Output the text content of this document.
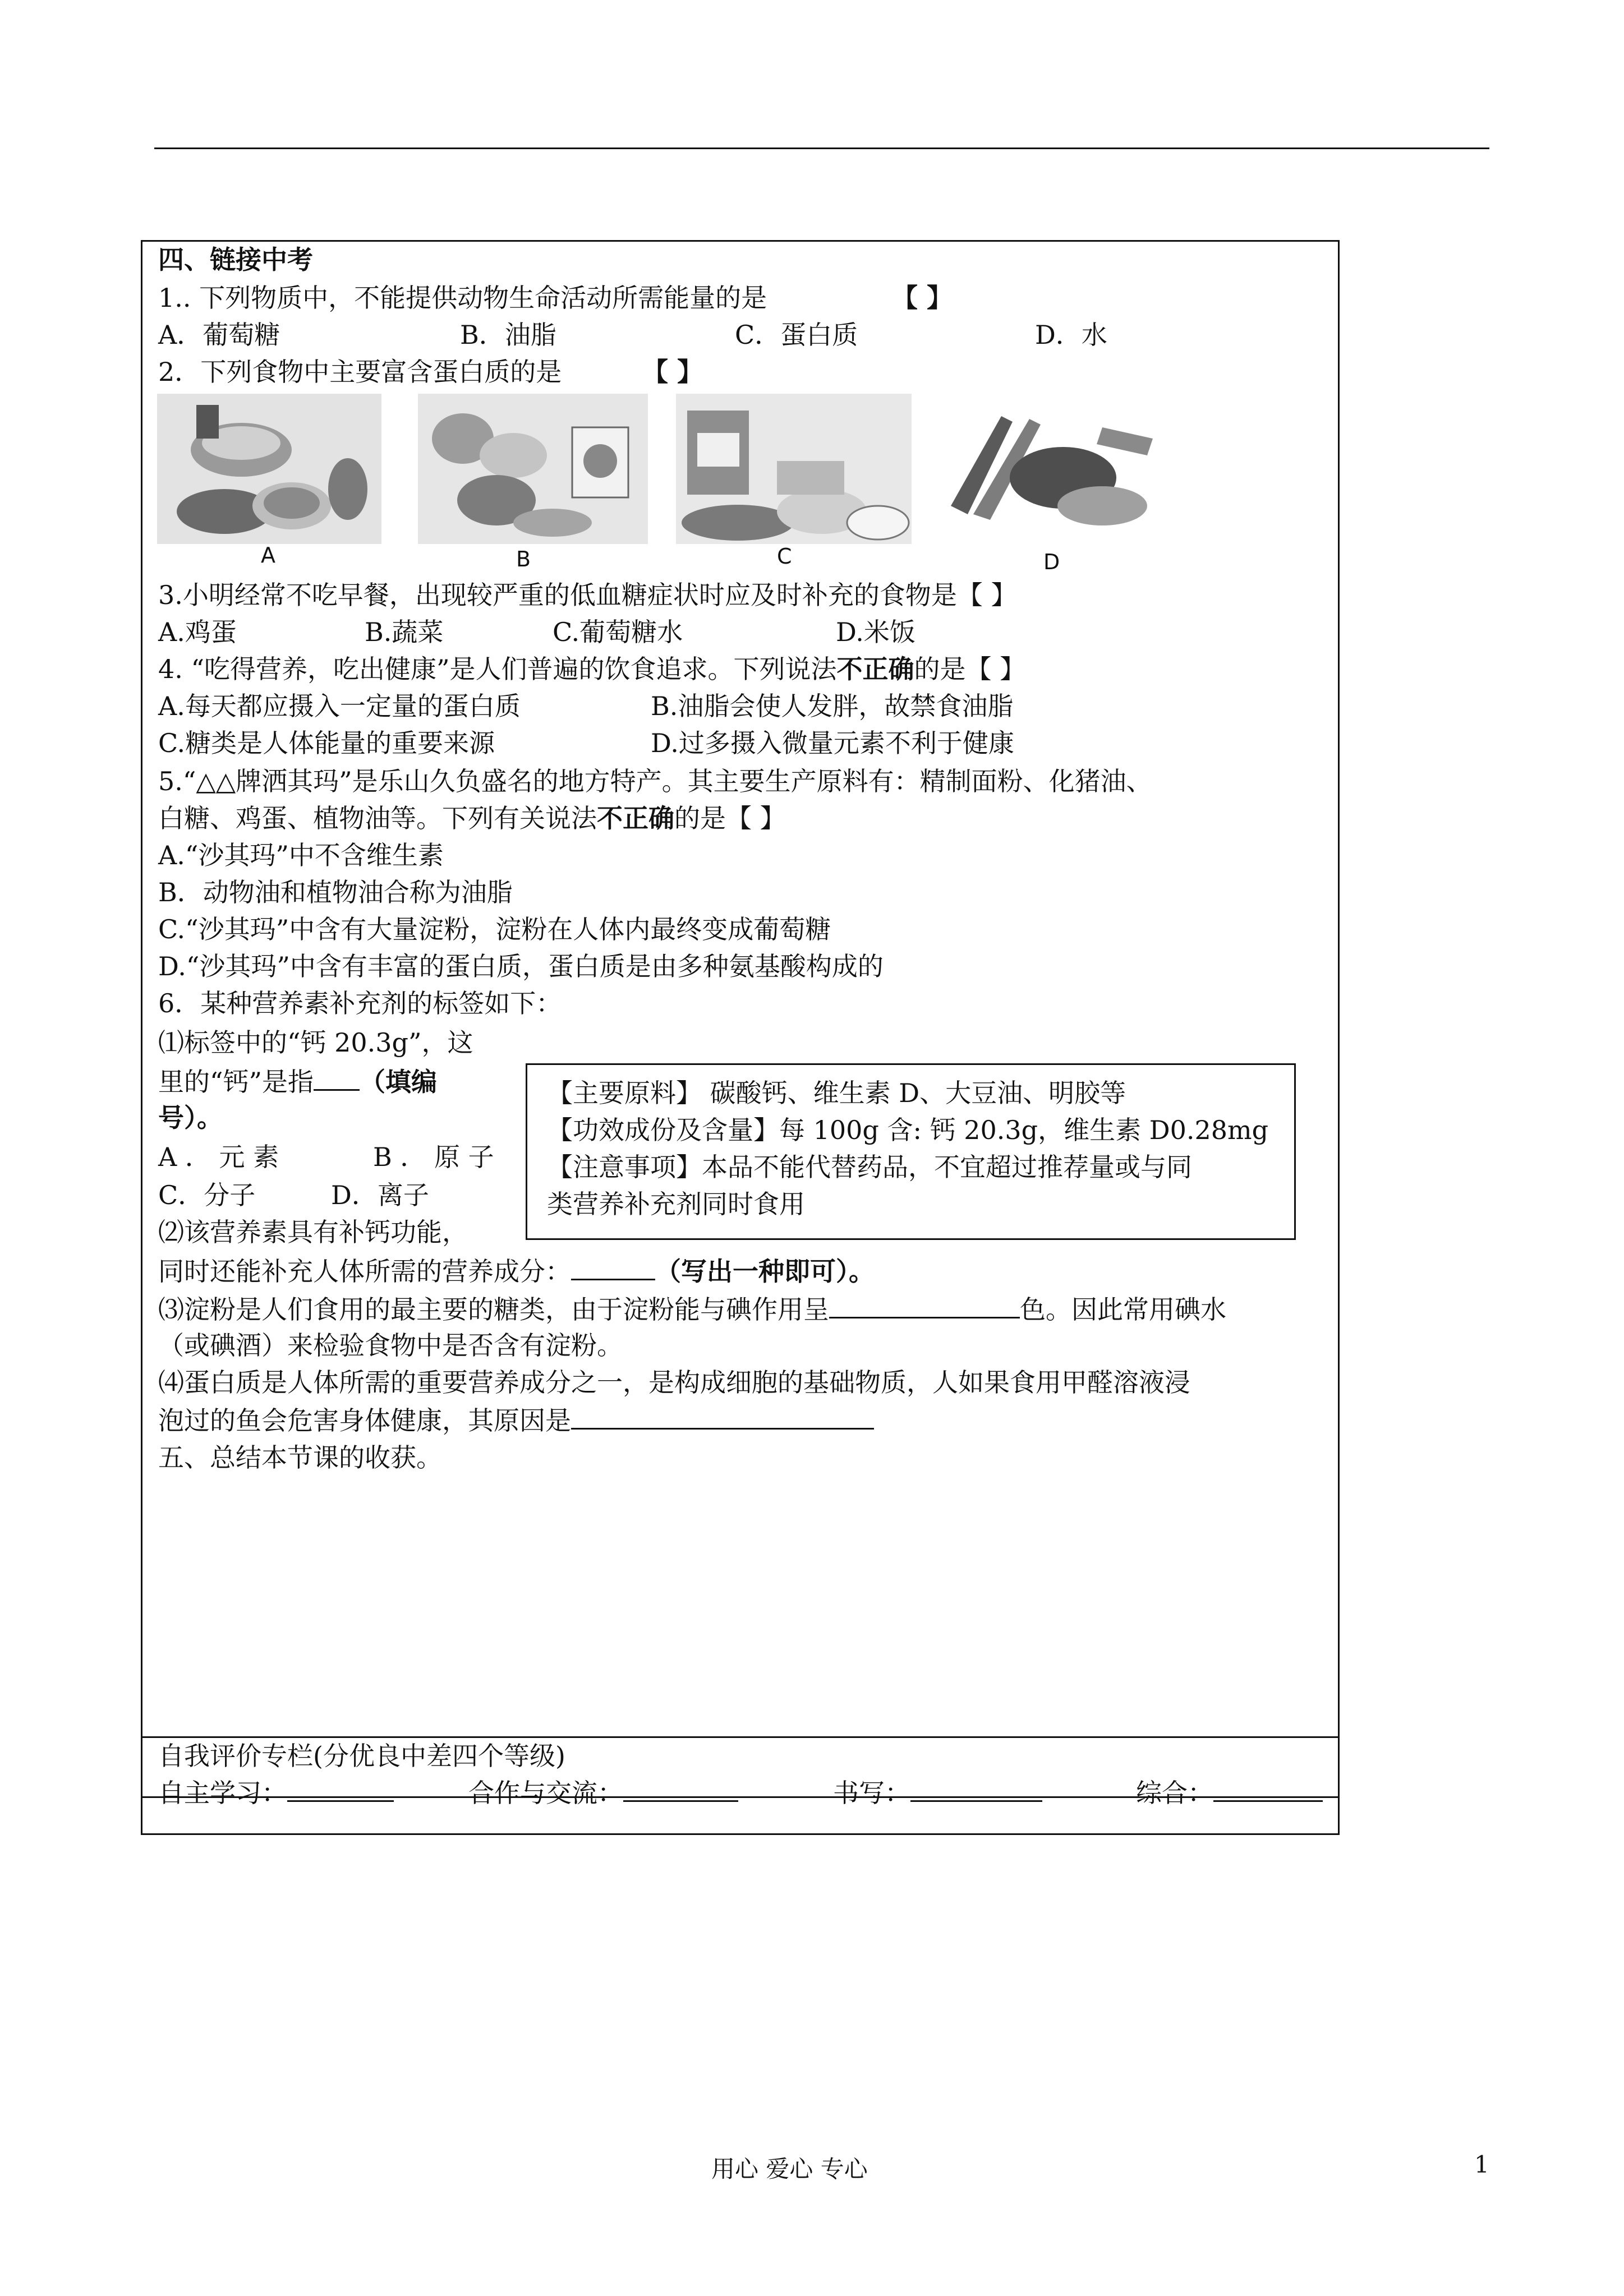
四、链接中考
1.. 下列物质中，不能提供动物生命活动所需能量的是	【 】
A．葡萄糖	B．油脂	C．蛋白质	D．水
2．下列食物中主要富含蛋白质的是	【 】
A	B	C	D
3.小明经常不吃早餐，出现较严重的低血糖症状时应及时补充的食物是【 】
A.鸡蛋	B.蔬菜	C.葡萄糖水	D.米饭
4. “吃得营养，吃出健康”是人们普遍的饮食追求。下列说法不正确的是【 】
A.每天都应摄入一定量的蛋白质	B.油脂会使人发胖，故禁食油脂
C.糖类是人体能量的重要来源	D.过多摄入微量元素不利于健康
5.“△△牌洒其玛”是乐山久负盛名的地方特产。其主要生产原料有：精制面粉、化猪油、
白糖、鸡蛋、植物油等。下列有关说法不正确的是【 】
A.“沙其玛”中不含维生素
B．动物油和植物油合称为油脂
C.“沙其玛”中含有大量淀粉，淀粉在人体内最终变成葡萄糖
D.“沙其玛”中含有丰富的蛋白质，蛋白质是由多种氨基酸构成的
6．某种营养素补充剂的标签如下：
⑴标签中的“钙 20.3g”，这
里的“钙”是指 （填编
号）。
A ． 元 素	B ． 原 子
C．分子	D．离子
⑵该营养素具有补钙功能，
同时还能补充人体所需的营养成分：	（写出一种即可）。
⑶淀粉是人们食用的最主要的糖类，由于淀粉能与碘作用呈	色。因此常用碘水
（或碘酒）来检验食物中是否含有淀粉。
⑷蛋白质是人体所需的重要营养成分之一，是构成细胞的基础物质，人如果食用甲醛溶液浸
泡过的鱼会危害身体健康，其原因是
【主要原料】 碳酸钙、维生素 D、大豆油、明胶等
【功效成份及含量】每 100g 含: 钙 20.3g，维生素 D0.28mg
【注意事项】本品不能代替药品，不宜超过推荐量或与同
类营养补充剂同时食用
五、总结本节课的收获。
自我评价专栏(分优良中差四个等级)
自主学习：	合作与交流：	书写：	综合：
用心 爱心 专心	1
